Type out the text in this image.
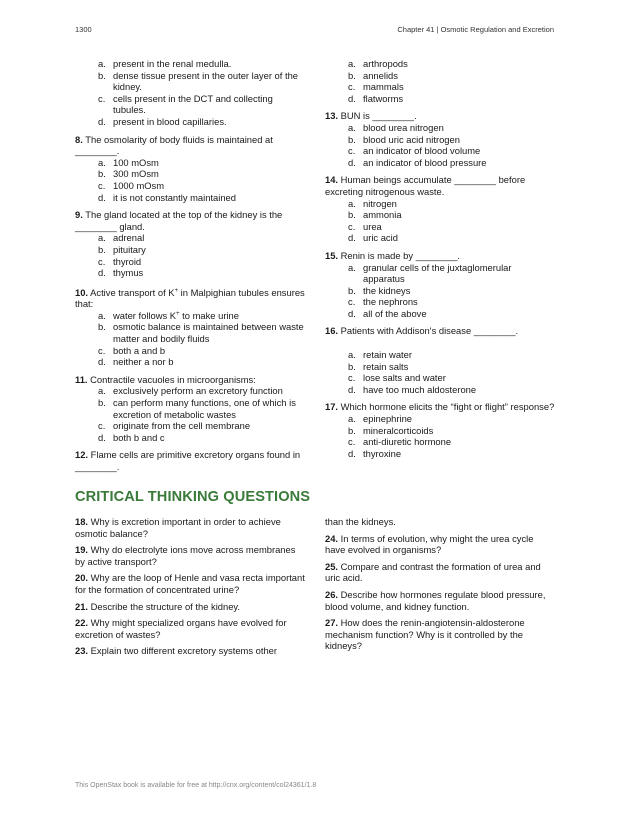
1300	Chapter 41 | Osmotic Regulation and Excretion
a. present in the renal medulla.
b. dense tissue present in the outer layer of the kidney.
c. cells present in the DCT and collecting tubules.
d. present in blood capillaries.
8. The osmolarity of body fluids is maintained at ________.
a. 100 mOsm
b. 300 mOsm
c. 1000 mOsm
d. it is not constantly maintained
9. The gland located at the top of the kidney is the ________ gland.
a. adrenal
b. pituitary
c. thyroid
d. thymus
10. Active transport of K+ in Malpighian tubules ensures that:
a. water follows K+ to make urine
b. osmotic balance is maintained between waste matter and bodily fluids
c. both a and b
d. neither a nor b
11. Contractile vacuoles in microorganisms:
a. exclusively perform an excretory function
b. can perform many functions, one of which is excretion of metabolic wastes
c. originate from the cell membrane
d. both b and c
12. Flame cells are primitive excretory organs found in ________.
a. arthropods
b. annelids
c. mammals
d. flatworms
13. BUN is ________.
a. blood urea nitrogen
b. blood uric acid nitrogen
c. an indicator of blood volume
d. an indicator of blood pressure
14. Human beings accumulate ________ before excreting nitrogenous waste.
a. nitrogen
b. ammonia
c. urea
d. uric acid
15. Renin is made by ________.
a. granular cells of the juxtaglomerular apparatus
b. the kidneys
c. the nephrons
d. all of the above
16. Patients with Addison's disease ________.
a. retain water
b. retain salts
c. lose salts and water
d. have too much aldosterone
17. Which hormone elicits the “fight or flight” response?
a. epinephrine
b. mineralcorticoids
c. anti-diuretic hormone
d. thyroxine
CRITICAL THINKING QUESTIONS
18. Why is excretion important in order to achieve osmotic balance?
19. Why do electrolyte ions move across membranes by active transport?
20. Why are the loop of Henle and vasa recta important for the formation of concentrated urine?
21. Describe the structure of the kidney.
22. Why might specialized organs have evolved for excretion of wastes?
23. Explain two different excretory systems other
than the kidneys.
24. In terms of evolution, why might the urea cycle have evolved in organisms?
25. Compare and contrast the formation of urea and uric acid.
26. Describe how hormones regulate blood pressure, blood volume, and kidney function.
27. How does the renin-angiotensin-aldosterone mechanism function? Why is it controlled by the kidneys?
This OpenStax book is available for free at http://cnx.org/content/col24361/1.8
